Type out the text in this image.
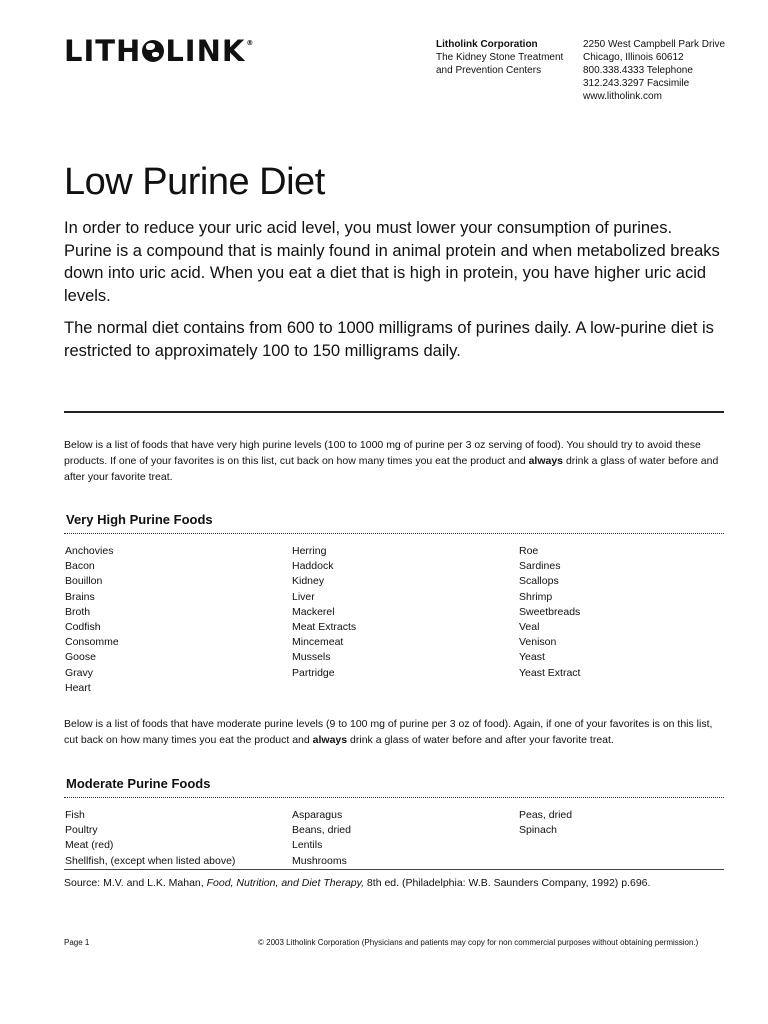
LITH LINK ®	Litholink Corporation
The Kidney Stone Treatment
and Prevention Centers
2250 West Campbell Park Drive
Chicago, Illinois 60612
800.338.4333 Telephone
312.243.3297 Facsimile
www.litholink.com
Low Purine Diet

In order to reduce your uric acid level, you must lower your consumption of purines. Purine is a compound that is mainly found in animal protein and when metabolized breaks down into uric acid. When you eat a diet that is high in protein, you have higher uric acid levels.

The normal diet contains from 600 to 1000 milligrams of purines daily. A low-purine diet is restricted to approximately 100 to 150 milligrams daily.

Below is a list of foods that have very high purine levels (100 to 1000 mg of purine per 3 oz serving of food). You should try to avoid these products. If one of your favorites is on this list, cut back on how many times you eat the product and always drink a glass of water before and after your favorite treat.
Very High Purine Foods
Anchovies
Bacon
Bouillon
Brains
Broth
Codfish
Consomme
Goose
Gravy
Heart
Herring
Haddock
Kidney
Liver
Mackerel
Meat Extracts
Mincemeat
Mussels
Partridge
Roe
Sardines
Scallops
Shrimp
Sweetbreads
Veal
Venison
Yeast
Yeast Extract
Below is a list of foods that have moderate purine levels (9 to 100 mg of purine per 3 oz of food). Again, if one of your favorites is on this list, cut back on how many times you eat the product and always drink a glass of water before and after your favorite treat.
Moderate Purine Foods
Fish
Poultry
Meat (red)
Shellfish, (except when listed above)
Asparagus
Beans, dried
Lentils
Mushrooms
Peas, dried
Spinach
Source: M.V. and L.K. Mahan, Food, Nutrition, and Diet Therapy, 8th ed. (Philadelphia: W.B. Saunders Company, 1992) p.696.
Page 1	© 2003 Litholink Corporation (Physicians and patients may copy for non commercial purposes without obtaining permission.)
